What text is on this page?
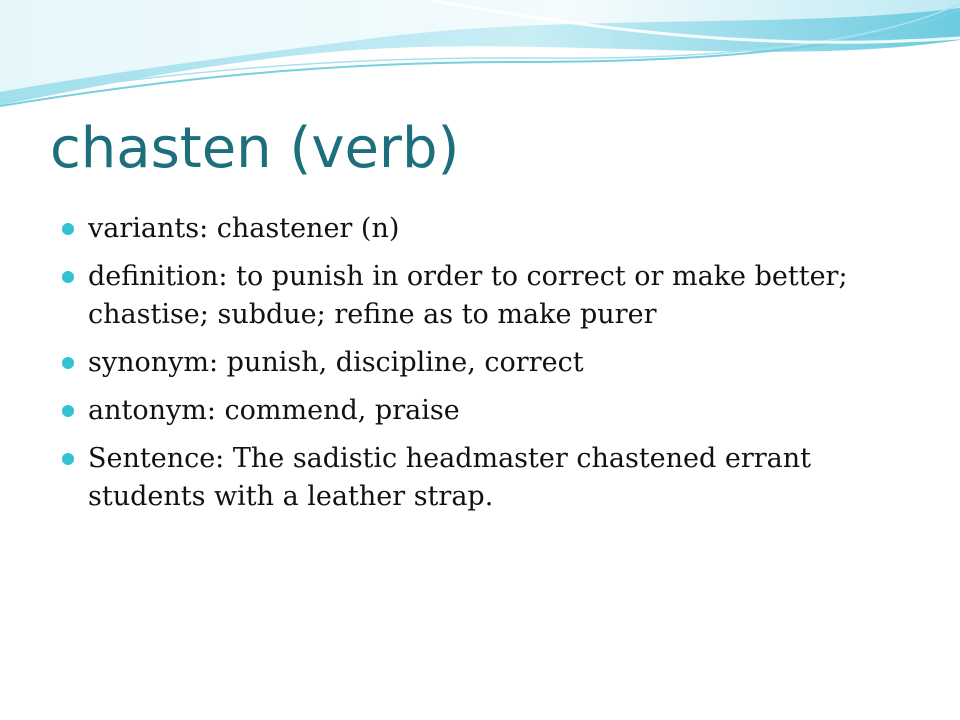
chasten (verb)
variants: chastener (n)
definition: to punish in order to correct or make better; chastise; subdue; refine as to make purer
synonym: punish, discipline, correct
antonym: commend, praise
Sentence: The sadistic headmaster chastened errant students with a leather strap.
